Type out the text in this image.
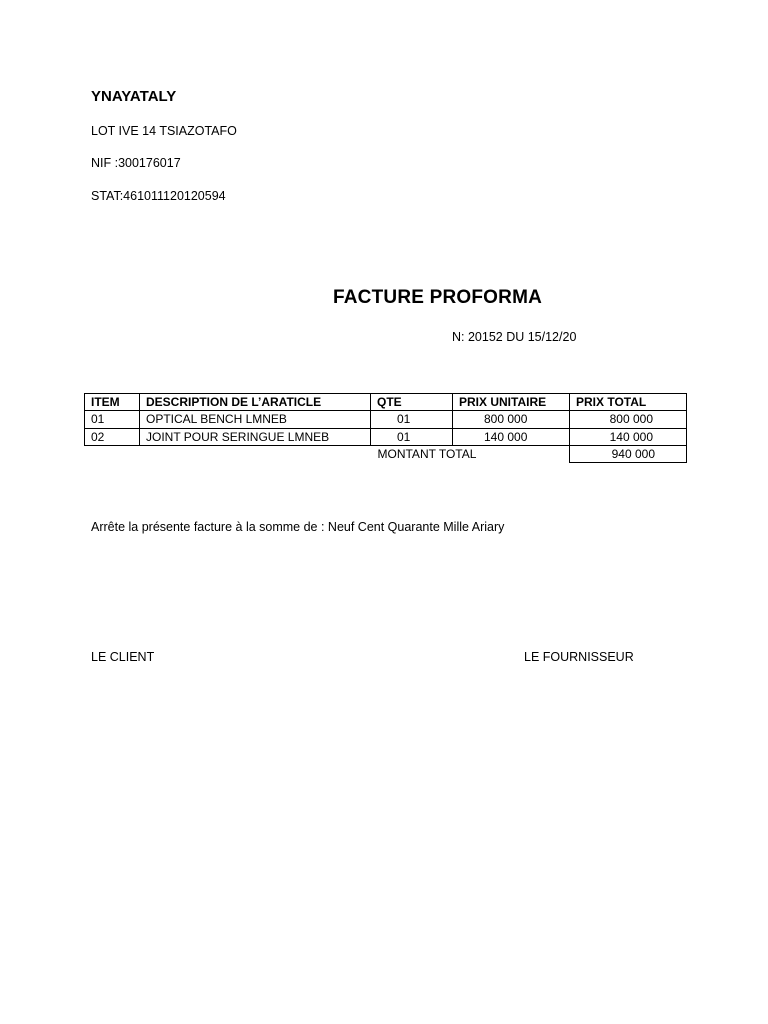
YNAYATALY
LOT IVE 14 TSIAZOTAFO
NIF :300176017
STAT:461011120120594
FACTURE PROFORMA
N: 20152 DU 15/12/20
ITEM	DESCRIPTION DE L’ARATICLE	QTE	PRIX UNITAIRE	PRIX TOTAL
01	OPTICAL BENCH LMNEB	01	800 000	800 000
02	JOINT POUR SERINGUE LMNEB	01	140 000	140 000
		MONTANT TOTAL		940 000
Arrête la présente facture à la somme de : Neuf Cent Quarante Mille Ariary
LE CLIENT	LE FOURNISSEUR
